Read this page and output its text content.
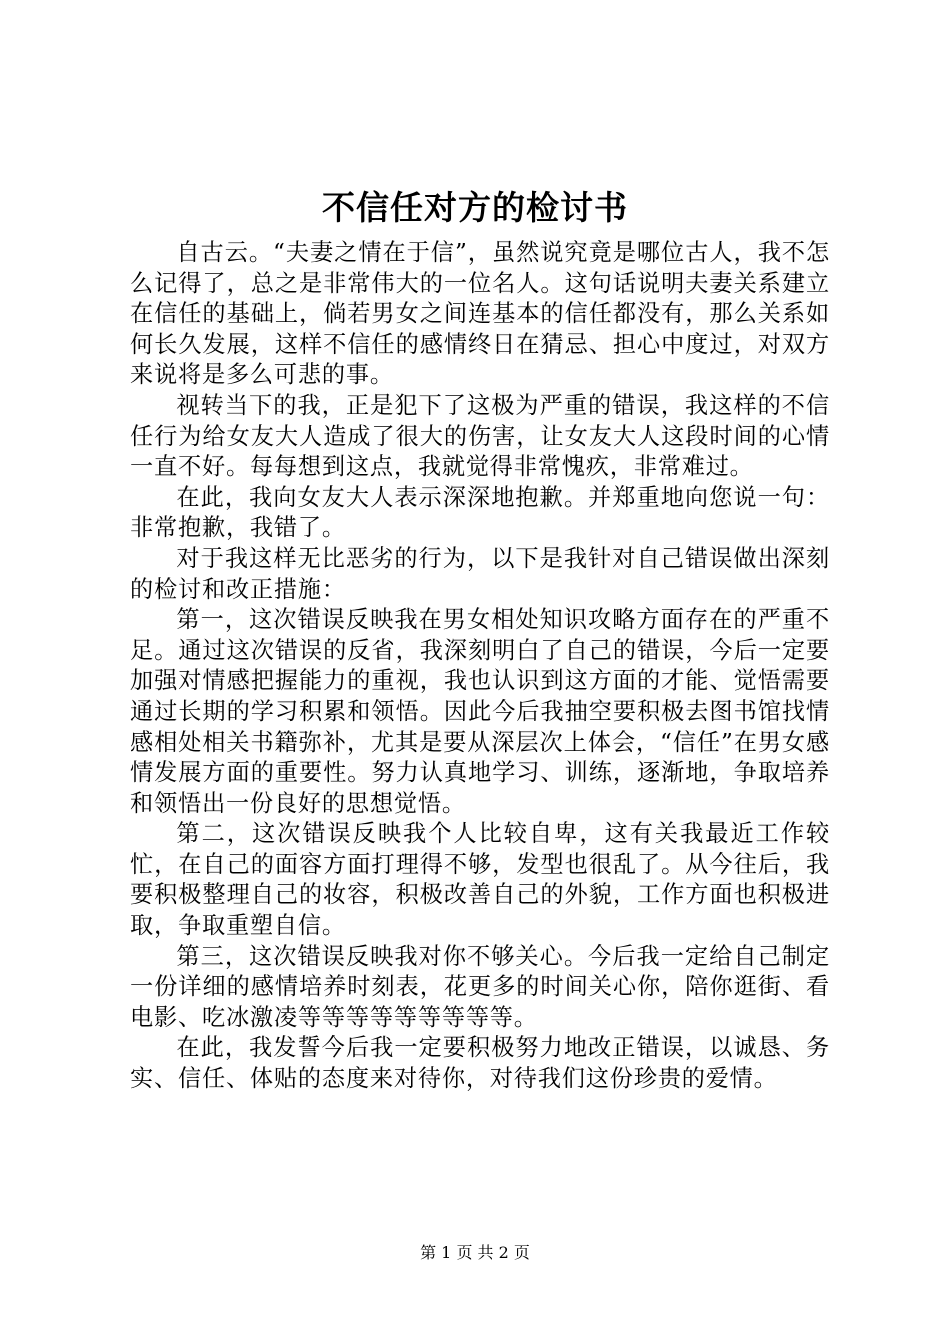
不信任对方的检讨书

自古云。“夫妻之情在于信”，虽然说究竟是哪位古人，我不怎么记得了，总之是非常伟大的一位名人。这句话说明夫妻关系建立在信任的基础上，倘若男女之间连基本的信任都没有，那么关系如何长久发展，这样不信任的感情终日在猜忌、担心中度过，对双方来说将是多么可悲的事。

视转当下的我，正是犯下了这极为严重的错误，我这样的不信任行为给女友大人造成了很大的伤害，让女友大人这段时间的心情一直不好。每每想到这点，我就觉得非常愧疚，非常难过。

在此，我向女友大人表示深深地抱歉。并郑重地向您说一句：非常抱歉，我错了。

对于我这样无比恶劣的行为，以下是我针对自己错误做出深刻的检讨和改正措施：

第一，这次错误反映我在男女相处知识攻略方面存在的严重不足。通过这次错误的反省，我深刻明白了自己的错误，今后一定要加强对情感把握能力的重视，我也认识到这方面的才能、觉悟需要通过长期的学习积累和领悟。因此今后我抽空要积极去图书馆找情感相处相关书籍弥补，尤其是要从深层次上体会，“信任”在男女感情发展方面的重要性。努力认真地学习、训练，逐渐地，争取培养和领悟出一份良好的思想觉悟。

第二，这次错误反映我个人比较自卑，这有关我最近工作较忙，在自己的面容方面打理得不够，发型也很乱了。从今往后，我要积极整理自己的妆容，积极改善自己的外貌，工作方面也积极进取，争取重塑自信。

第三，这次错误反映我对你不够关心。今后我一定给自己制定一份详细的感情培养时刻表，花更多的时间关心你，陪你逛街、看电影、吃冰激凌等等等等等等等等等。

在此，我发誓今后我一定要积极努力地改正错误，以诚恳、务实、信任、体贴的态度来对待你，对待我们这份珍贵的爱情。

第 1 页 共 2 页
